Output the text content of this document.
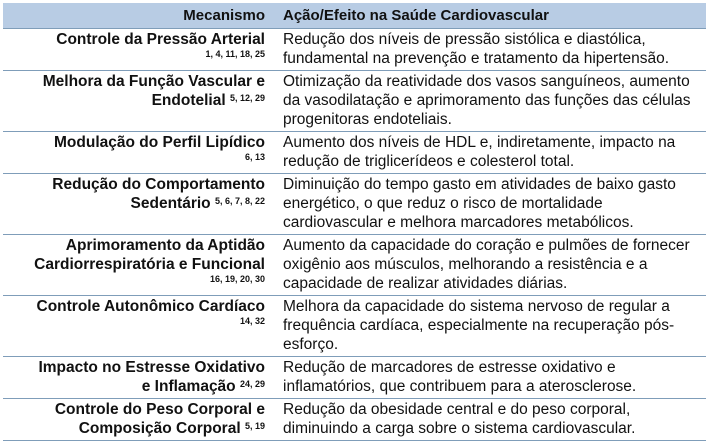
Mecanismo	Ação/Efeito na Saúde Cardiovascular
Controle da Pressão Arterial
1, 4, 11, 18, 25	Redução dos níveis de pressão sistólica e diastólica, fundamental na prevenção e tratamento da hipertensão.
Melhora da Função Vascular e
Endotelial $^{5, 12, 29}$	Otimização da reatividade dos vasos sanguíneos, aumento da vasodilatação e aprimoramento das funções das células progenitoras endoteliais.
Modulação do Perfil Lipídico
6, 13	Aumento dos níveis de HDL e, indiretamente, impacto na redução de triglicerídeos e colesterol total.
Redução do Comportamento
Sedentário $^{5, 6, 7, 8, 22}$	Diminuição do tempo gasto em atividades de baixo gasto energético, o que reduz o risco de mortalidade cardiovascular e melhora marcadores metabólicos.
Aprimoramento da Aptidão
Cardiorrespiratória e Funcional
16, 19, 20, 30	Aumento da capacidade do coração e pulmões de fornecer oxigênio aos músculos, melhorando a resistência e a capacidade de realizar atividades diárias.
Controle Autonômico Cardíaco
14, 32	Melhora da capacidade do sistema nervoso de regular a frequência cardíaca, especialmente na recuperação pós-esforço.
Impacto no Estresse Oxidativo
e Inflamação $^{24, 29}$	Redução de marcadores de estresse oxidativo e inflamatórios, que contribuem para a aterosclerose.
Controle do Peso Corporal e
Composição Corporal $^{5, 19}$	Redução da obesidade central e do peso corporal, diminuindo a carga sobre o sistema cardiovascular.
